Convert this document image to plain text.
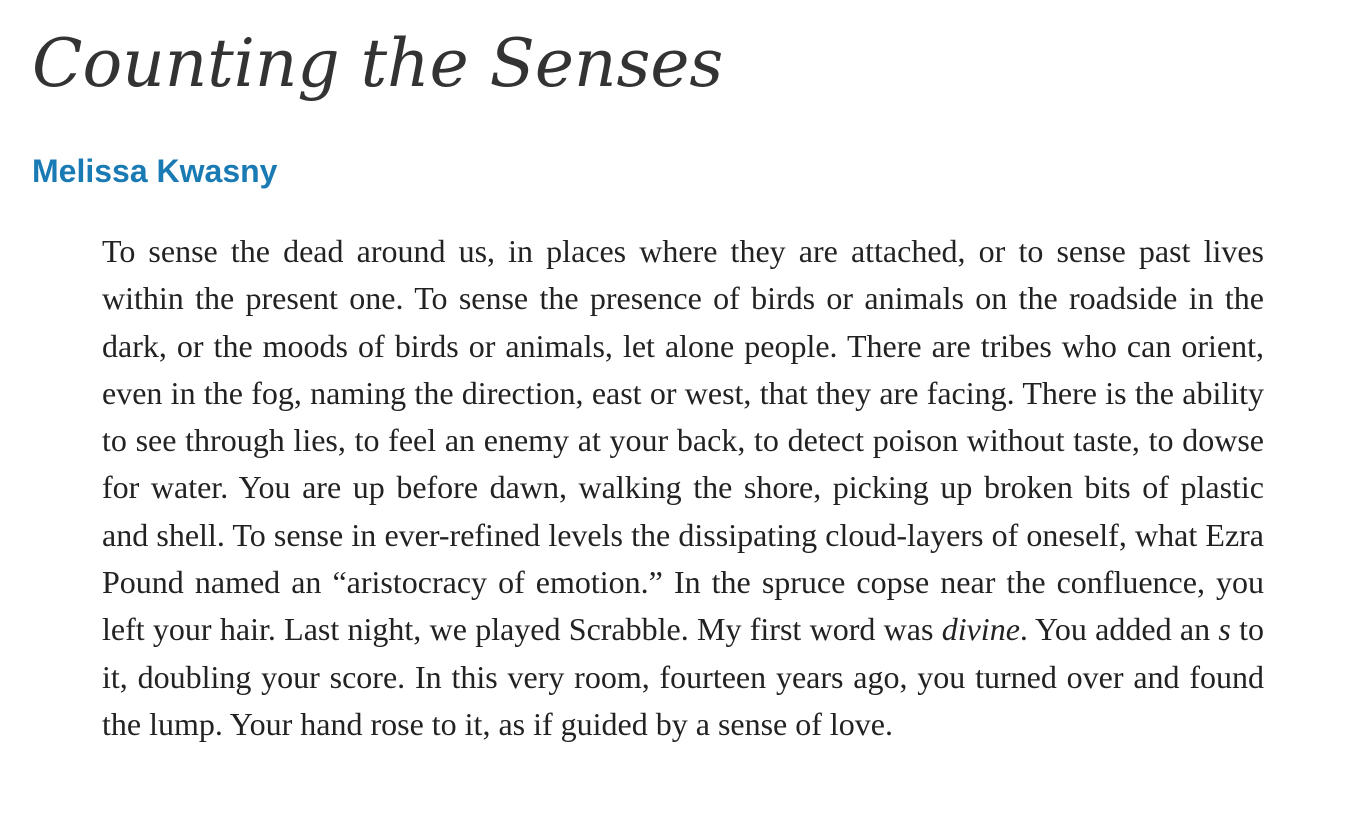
Counting the Senses
Melissa Kwasny

To sense the dead around us, in places where they are attached, or to sense past lives within the present one. To sense the presence of birds or animals on the roadside in the dark, or the moods of birds or animals, let alone people. There are tribes who can orient, even in the fog, naming the direction, east or west, that they are facing. There is the ability to see through lies, to feel an enemy at your back, to detect poison without taste, to dowse for water. You are up before dawn, walking the shore, picking up broken bits of plastic and shell. To sense in ever-refined levels the dissipating cloud-layers of oneself, what Ezra Pound named an “aristocracy of emotion.” In the spruce copse near the confluence, you left your hair. Last night, we played Scrabble. My first word was divine. You added an s to it, doubling your score. In this very room, fourteen years ago, you turned over and found the lump. Your hand rose to it, as if guided by a sense of love.
